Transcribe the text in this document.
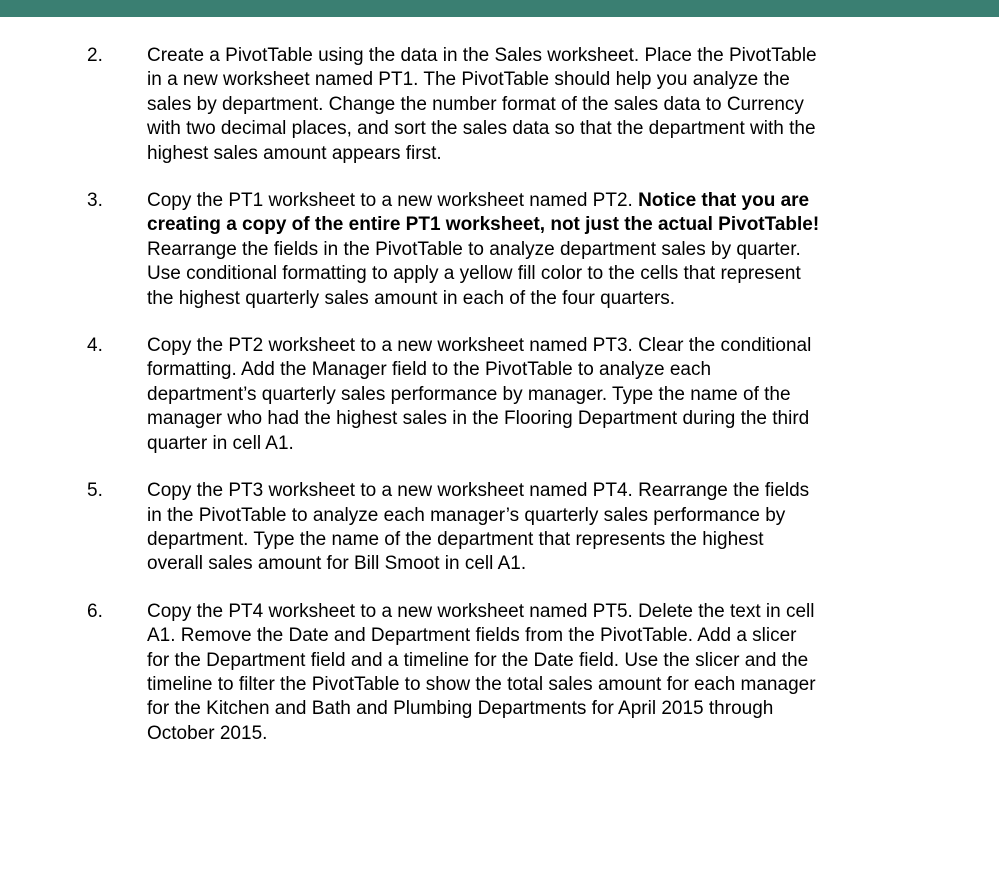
2. Create a PivotTable using the data in the Sales worksheet. Place the PivotTable
in a new worksheet named PT1. The PivotTable should help you analyze the
sales by department. Change the number format of the sales data to Currency
with two decimal places, and sort the sales data so that the department with the
highest sales amount appears first.
3. Copy the PT1 worksheet to a new worksheet named PT2. Notice that you are
creating a copy of the entire PT1 worksheet, not just the actual PivotTable!
Rearrange the fields in the PivotTable to analyze department sales by quarter.
Use conditional formatting to apply a yellow fill color to the cells that represent
the highest quarterly sales amount in each of the four quarters.
4. Copy the PT2 worksheet to a new worksheet named PT3. Clear the conditional
formatting. Add the Manager field to the PivotTable to analyze each
department’s quarterly sales performance by manager. Type the name of the
manager who had the highest sales in the Flooring Department during the third
quarter in cell A1.
5. Copy the PT3 worksheet to a new worksheet named PT4. Rearrange the fields
in the PivotTable to analyze each manager’s quarterly sales performance by
department. Type the name of the department that represents the highest
overall sales amount for Bill Smoot in cell A1.
6. Copy the PT4 worksheet to a new worksheet named PT5. Delete the text in cell
A1. Remove the Date and Department fields from the PivotTable. Add a slicer
for the Department field and a timeline for the Date field. Use the slicer and the
timeline to filter the PivotTable to show the total sales amount for each manager
for the Kitchen and Bath and Plumbing Departments for April 2015 through
October 2015.
